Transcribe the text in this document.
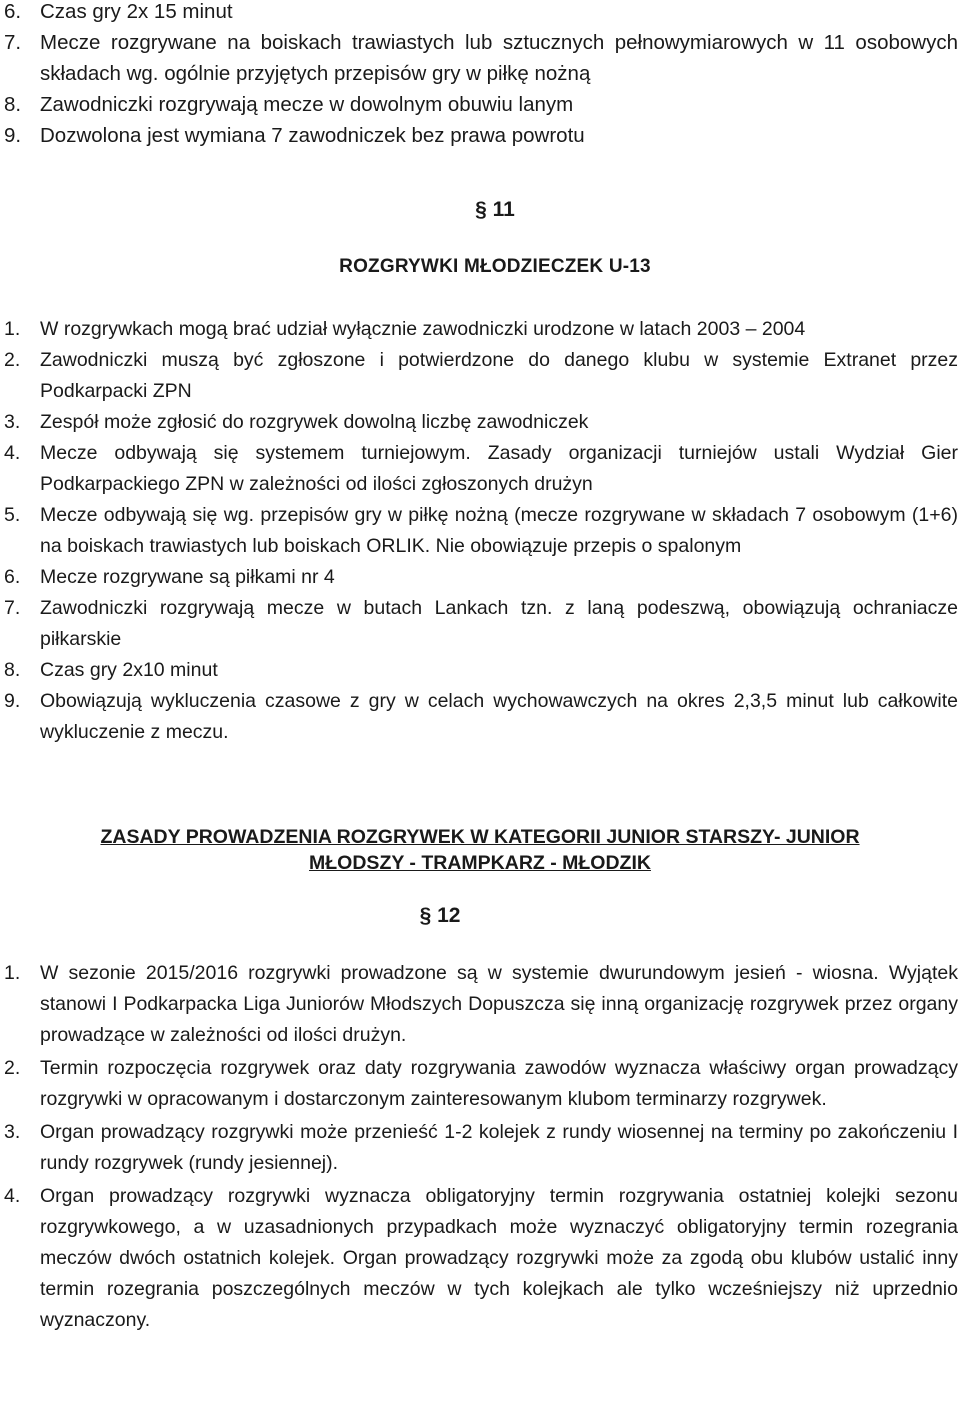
6. Czas gry 2x 15 minut
7. Mecze rozgrywane na boiskach trawiastych lub sztucznych pełnowymiarowych w 11 osobowych składach wg. ogólnie przyjętych przepisów gry w piłkę nożną
8. Zawodniczki rozgrywają mecze w dowolnym obuwiu lanym
9. Dozwolona jest wymiana 7 zawodniczek bez prawa powrotu
§ 11
ROZGRYWKI MŁODZIECZEK U-13
1.	W rozgrywkach mogą brać udział wyłącznie zawodniczki urodzone w latach 2003 – 2004
2.	Zawodniczki muszą być zgłoszone i potwierdzone do danego klubu w systemie Extranet przez Podkarpacki ZPN
3.	Zespół może zgłosić do rozgrywek dowolną liczbę zawodniczek
4.	Mecze odbywają się systemem turniejowym. Zasady organizacji turniejów ustali Wydział Gier Podkarpackiego ZPN w zależności od ilości zgłoszonych drużyn
5.	Mecze odbywają się wg. przepisów gry w piłkę nożną (mecze rozgrywane w składach 7 osobowym (1+6) na boiskach trawiastych lub boiskach ORLIK. Nie obowiązuje przepis o spalonym
6.	Mecze rozgrywane są piłkami nr 4
7.	Zawodniczki rozgrywają mecze w butach Lankach tzn. z laną podeszwą, obowiązują ochraniacze piłkarskie
8.	Czas gry 2x10 minut
9.	Obowiązują wykluczenia czasowe z gry w celach wychowawczych na okres 2,3,5 minut lub całkowite wykluczenie z meczu.
ZASADY PROWADZENIA ROZGRYWEK W KATEGORII JUNIOR STARSZY- JUNIOR
MŁODSZY - TRAMPKARZ - MŁODZIK
§ 12
1.	W sezonie 2015/2016 rozgrywki prowadzone są w systemie dwurundowym jesień - wiosna. Wyjątek stanowi I Podkarpacka Liga Juniorów Młodszych Dopuszcza się inną organizację rozgrywek przez organy prowadzące w zależności od ilości drużyn.
2.	Termin rozpoczęcia rozgrywek oraz daty rozgrywania zawodów wyznacza właściwy organ prowadzący rozgrywki w opracowanym i dostarczonym zainteresowanym klubom terminarzy rozgrywek.
3.	Organ prowadzący rozgrywki może przenieść 1-2 kolejek z rundy wiosennej na terminy po zakończeniu I rundy rozgrywek (rundy jesiennej).
4.	Organ prowadzący rozgrywki wyznacza obligatoryjny termin rozgrywania ostatniej kolejki sezonu rozgrywkowego, a w uzasadnionych przypadkach może wyznaczyć obligatoryjny termin rozegrania meczów dwóch ostatnich kolejek. Organ prowadzący rozgrywki może za zgodą obu klubów ustalić inny termin rozegrania poszczególnych meczów w tych kolejkach ale tylko wcześniejszy niż uprzednio wyznaczony.
